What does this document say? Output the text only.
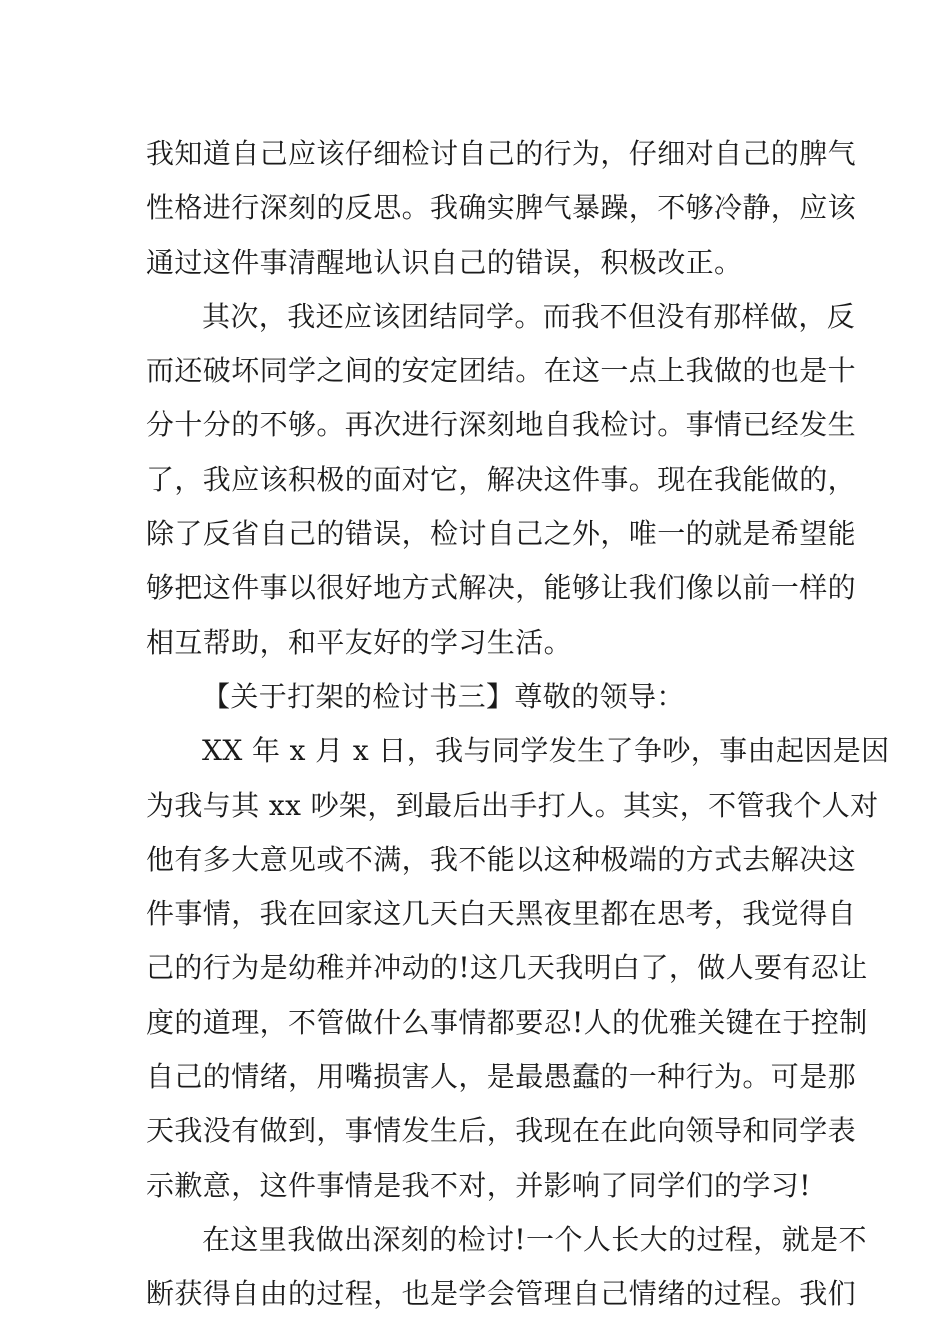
我知道自己应该仔细检讨自己的行为，仔细对自己的脾气
性格进行深刻的反思。我确实脾气暴躁，不够冷静，应该
通过这件事清醒地认识自己的错误，积极改正。
其次，我还应该团结同学。而我不但没有那样做，反
而还破坏同学之间的安定团结。在这一点上我做的也是十
分十分的不够。再次进行深刻地自我检讨。事情已经发生
了，我应该积极的面对它，解决这件事。现在我能做的，
除了反省自己的错误，检讨自己之外，唯一的就是希望能
够把这件事以很好地方式解决，能够让我们像以前一样的
相互帮助，和平友好的学习生活。
【关于打架的检讨书三】尊敬的领导：
XX 年 x 月 x 日，我与同学发生了争吵，事由起因是因
为我与其 xx 吵架，到最后出手打人。其实，不管我个人对
他有多大意见或不满，我不能以这种极端的方式去解决这
件事情，我在回家这几天白天黑夜里都在思考，我觉得自
己的行为是幼稚并冲动的!这几天我明白了，做人要有忍让
度的道理，不管做什么事情都要忍!人的优雅关键在于控制
自己的情绪，用嘴损害人，是最愚蠢的一种行为。可是那
天我没有做到，事情发生后，我现在在此向领导和同学表
示歉意，这件事情是我不对，并影响了同学们的学习!
在这里我做出深刻的检讨!一个人长大的过程，就是不
断获得自由的过程，也是学会管理自己情绪的过程。我们
